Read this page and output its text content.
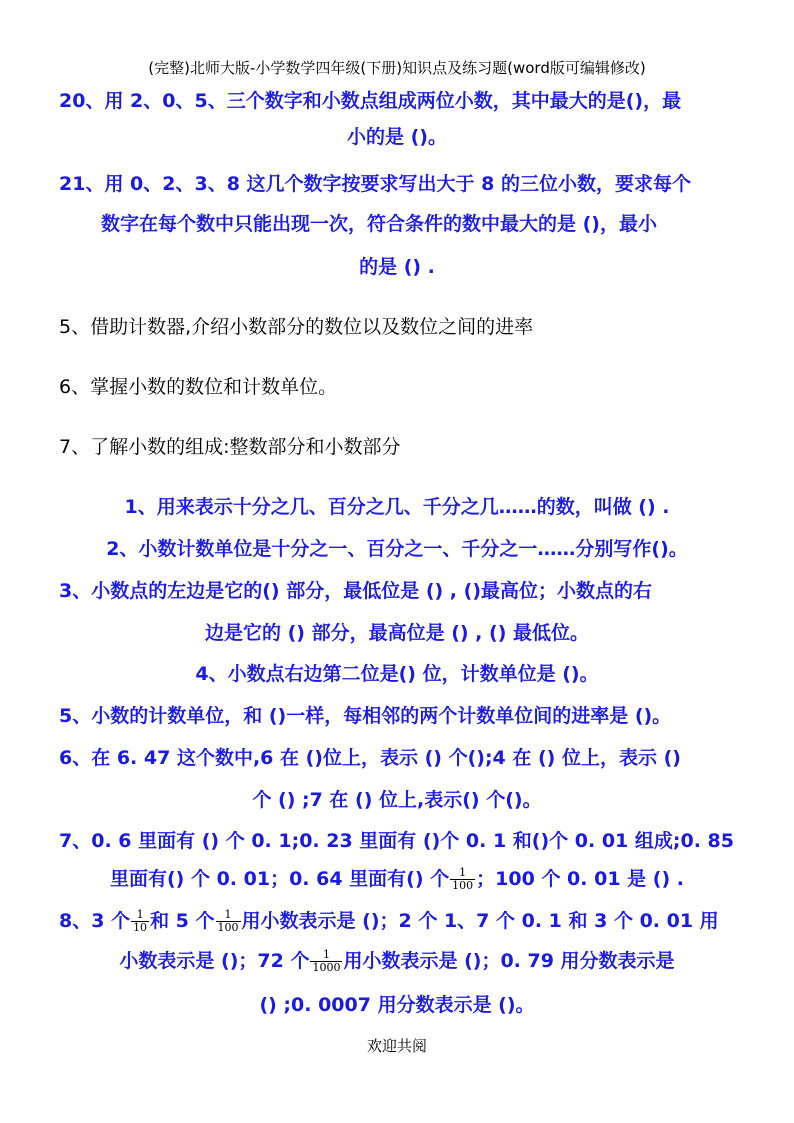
(完整)北师大版-小学数学四年级(下册)知识点及练习题(word版可编辑修改)
20、用 2、0、5、三个数字和小数点组成两位小数，其中最大的是()，最
小的是 ()。
21、用 0、2、3、8 这几个数字按要求写出大于 8 的三位小数，要求每个
数字在每个数中只能出现一次，符合条件的数中最大的是 ()，最小
的是 () .
5、借助计数器,介绍小数部分的数位以及数位之间的进率
6、掌握小数的数位和计数单位。
7、了解小数的组成:整数部分和小数部分
1、用来表示十分之几、百分之几、千分之几……的数，叫做 () .
2、小数计数单位是十分之一、百分之一、千分之一……分别写作()。
3、小数点的左边是它的() 部分，最低位是 () , ()最高位；小数点的右
边是它的 () 部分，最高位是 () , () 最低位。
4、小数点右边第二位是() 位，计数单位是 ()。
5、小数的计数单位，和 ()一样，每相邻的两个计数单位间的进率是 ()。
6、在 6. 47 这个数中,6 在 ()位上，表示 () 个();4 在 () 位上，表示 ()
个 () ;7 在 () 位上,表示() 个()。
7、0. 6 里面有 () 个 0. 1;0. 23 里面有 ()个 0. 1 和()个 0. 01 组成;0. 85
里面有() 个 0. 01；0. 64 里面有() 个 $\frac{1}{100}$ ；100 个 0. 01 是 () .
8、3 个 $\frac{1}{10}$ 和 5 个 $\frac{1}{100}$ 用小数表示是 ()；2 个 1、7 个 0. 1 和 3 个 0. 01 用
小数表示是 ()；72 个 $\frac{1}{1000}$ 用小数表示是 ()；0. 79 用分数表示是
() ;0. 0007 用分数表示是 ()。
欢迎共阅
